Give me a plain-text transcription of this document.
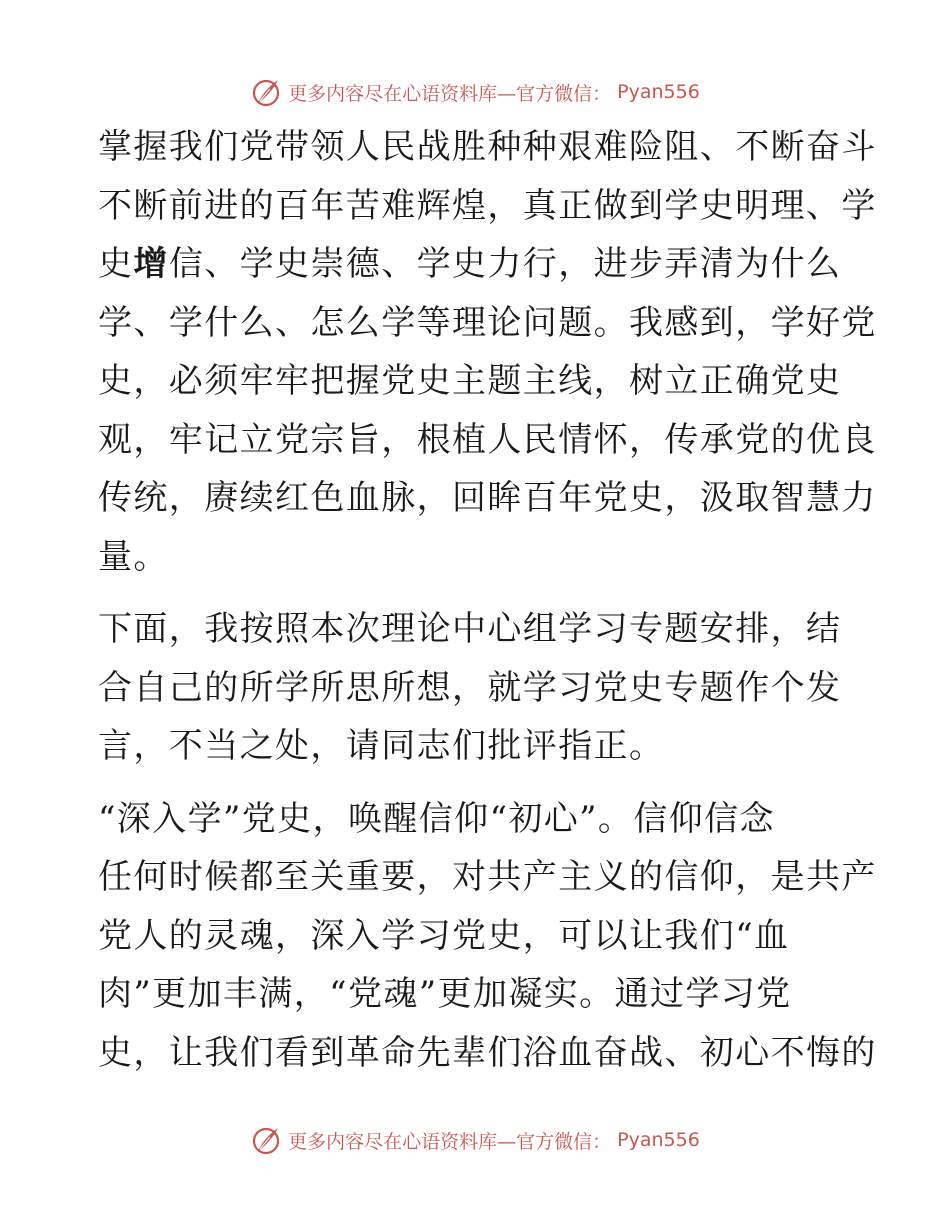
更多内容尽在心语资料库—官方微信： Pyan556
掌握我们党带领人民战胜种种艰难险阻、不断奋斗
不断前进的百年苦难辉煌，真正做到学史明理、学
史增信、学史崇德、学史力行，进步弄清为什么
学、学什么、怎么学等理论问题。我感到，学好党
史，必须牢牢把握党史主题主线，树立正确党史
观，牢记立党宗旨，根植人民情怀，传承党的优良
传统，赓续红色血脉，回眸百年党史，汲取智慧力
量。
下面，我按照本次理论中心组学习专题安排，结
合自己的所学所思所想，就学习党史专题作个发
言，不当之处，请同志们批评指正。
“深入学”党史，唤醒信仰“初心”。信仰信念
任何时候都至关重要，对共产主义的信仰，是共产
党人的灵魂，深入学习党史，可以让我们“血
肉”更加丰满，“党魂”更加凝实。通过学习党
史，让我们看到革命先辈们浴血奋战、初心不悔的
更多内容尽在心语资料库—官方微信： Pyan556
